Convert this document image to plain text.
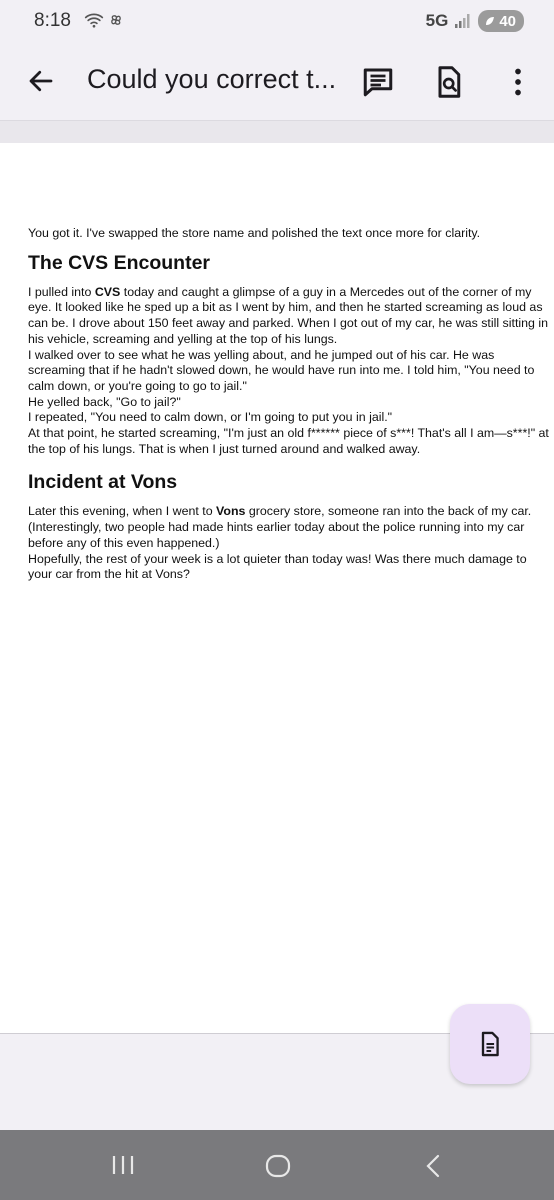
8:18	5G	40
Could you correct t...

You got it. I've swapped the store name and polished the text once more for clarity.

The CVS Encounter

I pulled into CVS today and caught a glimpse of a guy in a Mercedes out of the corner of my eye. It looked like he sped up a bit as I went by him, and then he started screaming as loud as can be. I drove about 150 feet away and parked. When I got out of my car, he was still sitting in his vehicle, screaming and yelling at the top of his lungs.

I walked over to see what he was yelling about, and he jumped out of his car. He was screaming that if he hadn't slowed down, he would have run into me. I told him, "You need to calm down, or you're going to go to jail."

He yelled back, "Go to jail?"

I repeated, "You need to calm down, or I'm going to put you in jail."

At that point, he started screaming, "I'm just an old f****** piece of s***! That's all I am—s***!" at the top of his lungs. That is when I just turned around and walked away.

Incident at Vons

Later this evening, when I went to Vons grocery store, someone ran into the back of my car.

(Interestingly, two people had made hints earlier today about the police running into my car before any of this even happened.)

Hopefully, the rest of your week is a lot quieter than today was! Was there much damage to your car from the hit at Vons?
